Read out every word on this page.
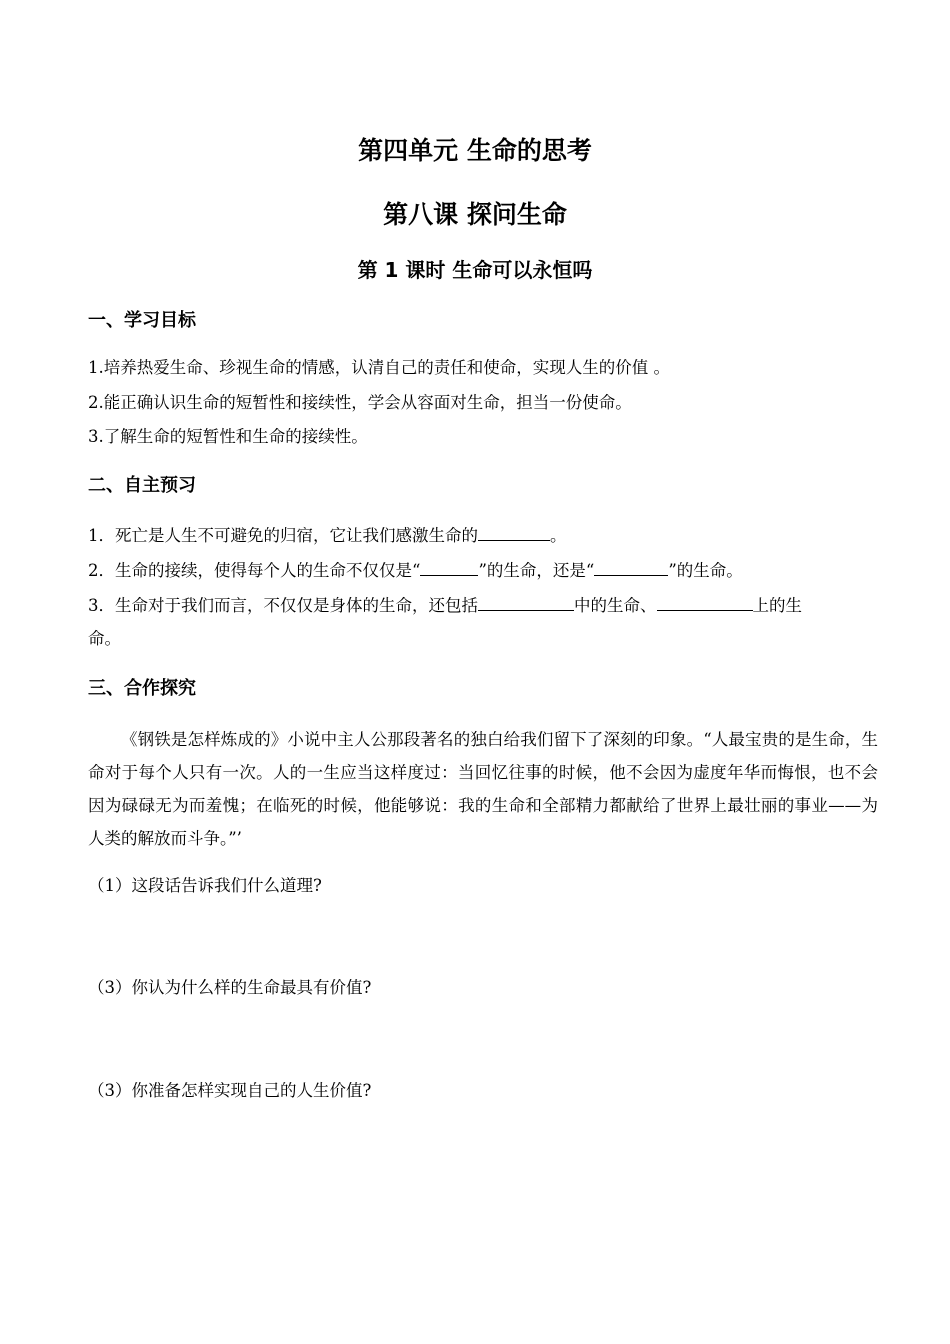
第四单元 生命的思考
第八课 探问生命
第 1 课时 生命可以永恒吗
一、学习目标
1.培养热爱生命、珍视生命的情感，认清自己的责任和使命，实现人生的价值 。
2.能正确认识生命的短暂性和接续性，学会从容面对生命，担当一份使命。
3.了解生命的短暂性和生命的接续性。
二、自主预习
1．死亡是人生不可避免的归宿，它让我们感激生命的	。
2．生命的接续，使得每个人的生命不仅仅是“	”的生命，还是“	”的生命。
3．生命对于我们而言，不仅仅是身体的生命，还包括	中的生命、	上的生
命。
三、合作探究
《钢铁是怎样炼成的》小说中主人公那段著名的独白给我们留下了深刻的印象。“人最宝贵的是生命，生命对于每个人只有一次。人的一生应当这样度过：当回忆往事的时候，他不会因为虚度年华而悔恨，也不会因为碌碌无为而羞愧；在临死的时候，他能够说：我的生命和全部精力都献给了世界上最壮丽的事业——为人类的解放而斗争。”’
（1）这段话告诉我们什么道理?
（3）你认为什么样的生命最具有价值?
（3）你准备怎样实现自己的人生价值?
